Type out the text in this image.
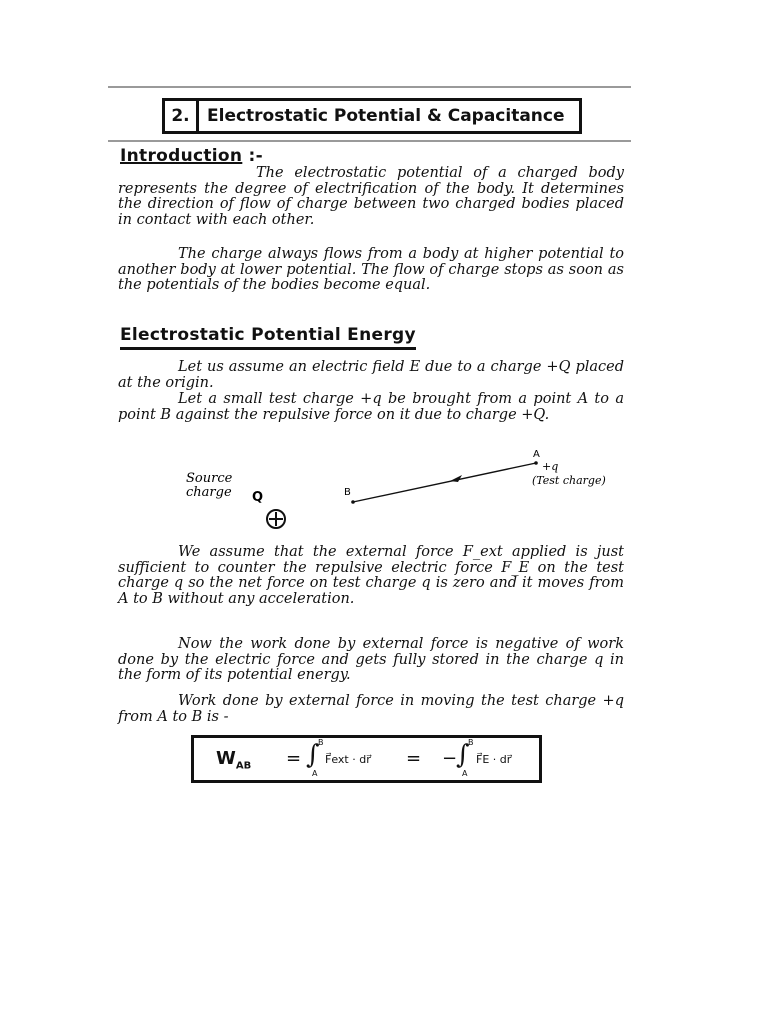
2.	Electrostatic Potential & Capacitance
Introduction :-
The electrostatic potential of a charged body represents the degree of electrification of the body. It determines the direction of flow of charge between two charged bodies placed in contact with each other.
The charge always flows from a body at higher potential to another body at lower potential. The flow of charge stops as soon as the potentials of the bodies become equal.
Electrostatic Potential Energy
Let us assume an electric field E due to a charge +Q placed at the origin.
Let a small test charge +q be brought from a point A to a point B against the repulsive force on it due to charge +Q.
Source
charge Q	B
A
+q
(Test charge)
We assume that the external force F_ext applied is just sufficient to counter the repulsive electric force F_E on the test charge q so the net force on test charge q is zero and it moves from A to B without any acceleration.
Now the work done by external force is negative of work done by the electric force and gets fully stored in the charge q in the form of its potential energy.
Work done by external force in moving the test charge +q from A to B is -
$W_{AB}$ = ∫
B
A
F⃗ext · dr⃗ = −
∫
B
A
F⃗E · dr⃗
